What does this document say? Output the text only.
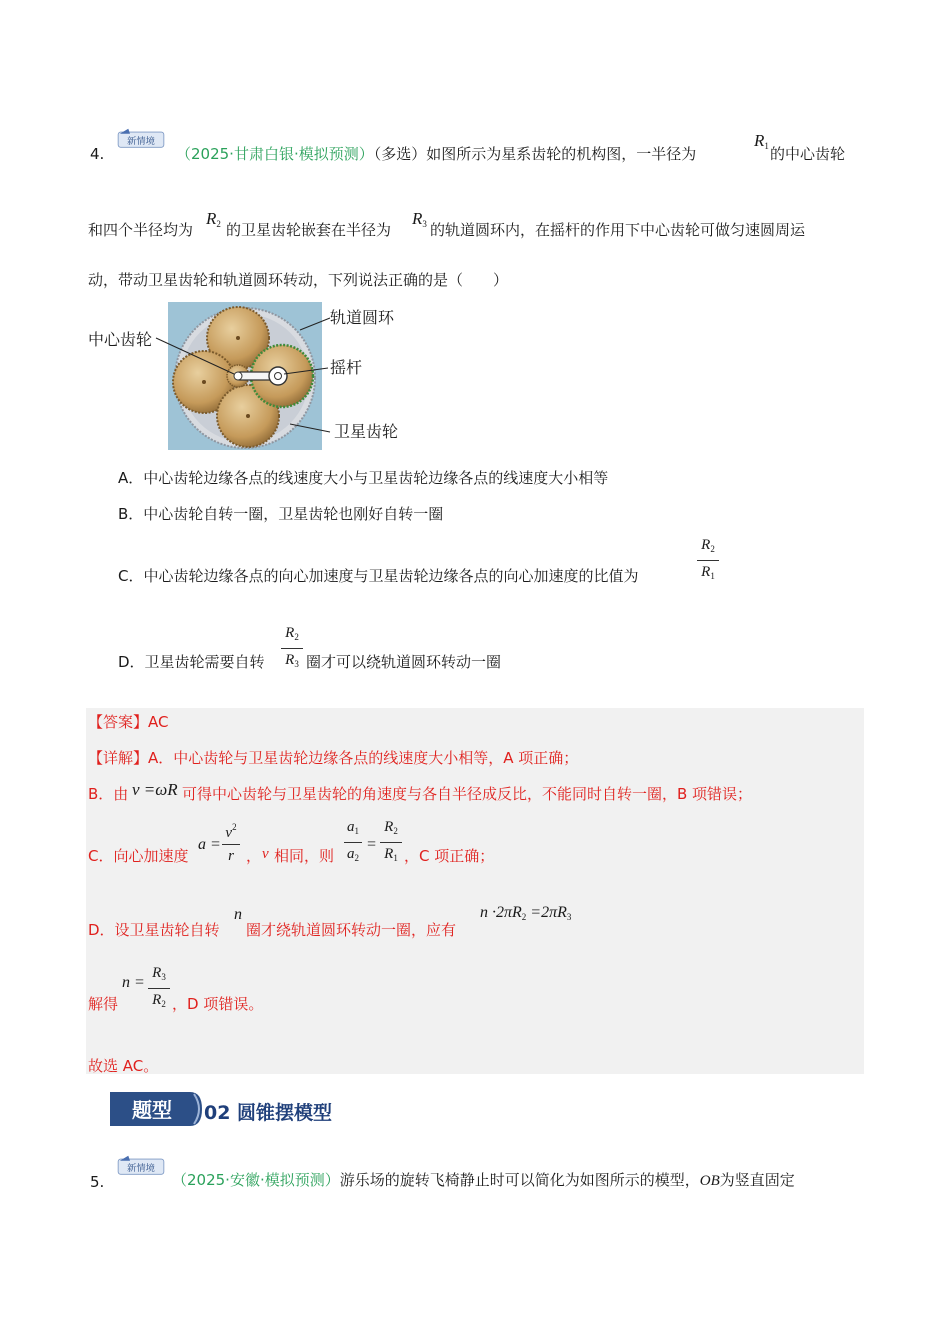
4.
新情境
（2025·甘肃白银·模拟预测）（多选）如图所示为星系齿轮的机构图，一半径为
$R_1$ 的中心齿轮
和四个半径均为
$R_2$ 的卫星齿轮嵌套在半径为
$R_3$ 的轨道圆环内，在摇杆的作用下中心齿轮可做匀速圆周运
动，带动卫星齿轮和轨道圆环转动，下列说法正确的是（　　）
中心齿轮
轨道圆环
摇杆
卫星齿轮
A．中心齿轮边缘各点的线速度大小与卫星齿轮边缘各点的线速度大小相等
B．中心齿轮自转一圈，卫星齿轮也刚好自转一圈
C．中心齿轮边缘各点的向心加速度与卫星齿轮边缘各点的向心加速度的比值为
$R_2$
$R_1$
D．卫星齿轮需要自转
$R_2$
$R_3$ 圈才可以绕轨道圆环转动一圈
【答案】AC
【详解】A．中心齿轮与卫星齿轮边缘各点的线速度大小相等，A 项正确；
B．由 v =ωR 可得中心齿轮与卫星齿轮的角速度与各自半径成反比，不能同时自转一圈，B 项错误；
C．向心加速度
a =
$v^2$
r ， v 相同，则
$a_1$
$a_2$
=
$R_2$
$R_1$ ，C 项正确；
D．设卫星齿轮自转
n
圈才绕轨道圆环转动一圈，应有
$n \cdot 2\pi R_2 =2\pi R_3$
n =
$R_3$
$R_2$
解得	，D 项错误。
故选 AC。
题型 02 圆锥摆模型
5.
新情境
（2025·安徽·模拟预测）游乐场的旋转飞椅静止时可以简化为如图所示的模型，OB为竖直固定
